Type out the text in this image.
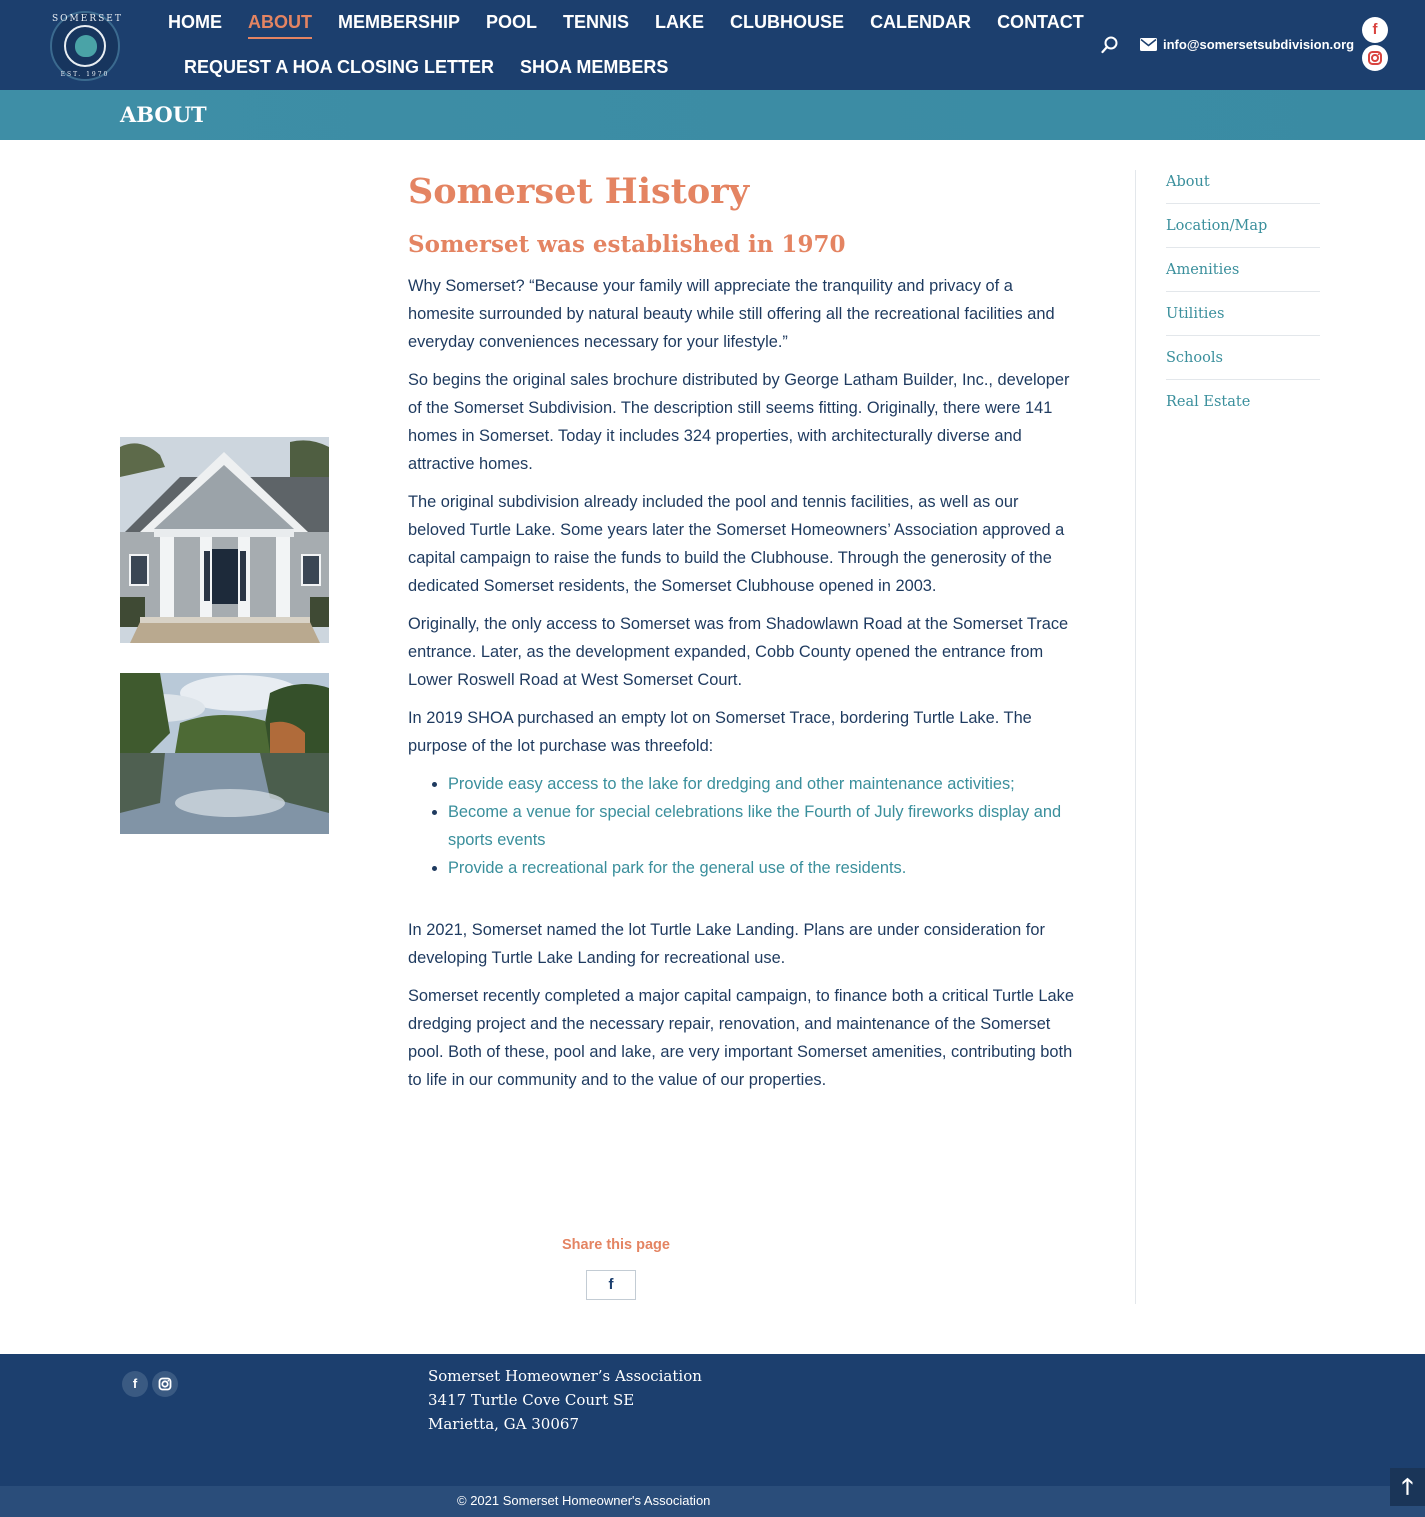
SOMERSET
EST. 1970
HOME ABOUT MEMBERSHIP POOL TENNIS LAKE CLUBHOUSE CALENDAR CONTACT
REQUEST A HOA CLOSING LETTER SHOA MEMBERS
info@somersetsubdivision.org
f
ABOUT
Somerset History
Somerset was established in 1970

Why Somerset? “Because your family will appreciate the tranquility and privacy of a homesite surrounded by natural beauty while still offering all the recreational facilities and everyday conveniences necessary for your lifestyle.”

So begins the original sales brochure distributed by George Latham Builder, Inc., developer of the Somerset Subdivision. The description still seems fitting. Originally, there were 141 homes in Somerset. Today it includes 324 properties, with architecturally diverse and attractive homes.

The original subdivision already included the pool and tennis facilities, as well as our beloved Turtle Lake. Some years later the Somerset Homeowners’ Association approved a capital campaign to raise the funds to build the Clubhouse. Through the generosity of the dedicated Somerset residents, the Somerset Clubhouse opened in 2003.

Originally, the only access to Somerset was from Shadowlawn Road at the Somerset Trace entrance. Later, as the development expanded, Cobb County opened the entrance from Lower Roswell Road at West Somerset Court.

In 2019 SHOA purchased an empty lot on Somerset Trace, bordering Turtle Lake. The purpose of the lot purchase was threefold:

• Provide easy access to the lake for dredging and other maintenance activities;
• Become a venue for special celebrations like the Fourth of July fireworks display and sports events
• Provide a recreational park for the general use of the residents.

In 2021, Somerset named the lot Turtle Lake Landing. Plans are under consideration for developing Turtle Lake Landing for recreational use.

Somerset recently completed a major capital campaign, to finance both a critical Turtle Lake dredging project and the necessary repair, renovation, and maintenance of the Somerset pool. Both of these, pool and lake, are very important Somerset amenities, contributing both to life in our community and to the value of our properties.

Share this page
f
About
Location/Map
Amenities
Utilities
Schools
Real Estate
f	Somerset Homeowner’s Association
3417 Turtle Cove Court SE
Marietta, GA 30067
© 2021 Somerset Homeowner's Association
🡑
